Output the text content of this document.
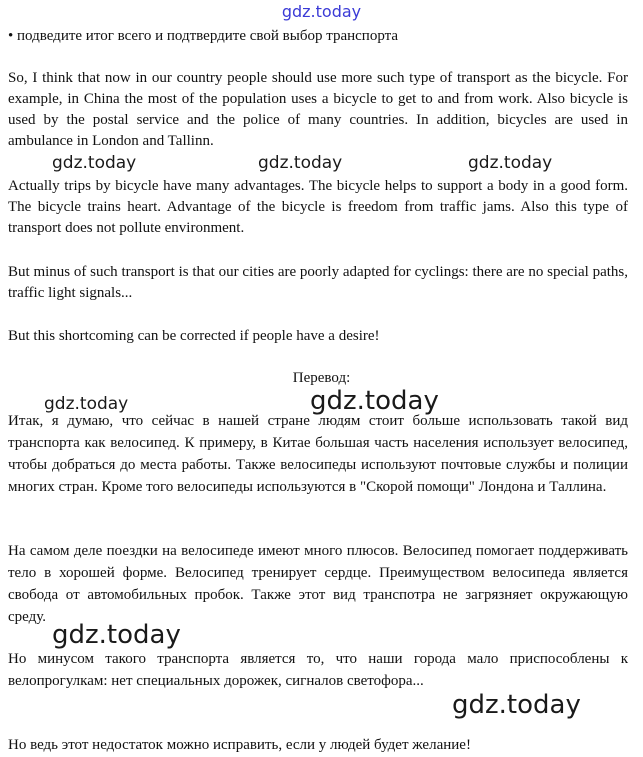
gdz.today
• подведите итог всего и подтвердите свой выбор транспорта
So, I think that now in our country people should use more such type of transport as the bicycle. For example, in China the most of the population uses a bicycle to get to and from work. Also bicycle is used by the postal service and the police of many countries. In addition, bicycles are used in ambulance in London and Tallinn.
Actually trips by bicycle have many advantages. The bicycle helps to support a body in a good form. The bicycle trains heart. Advantage of the bicycle is freedom from traffic jams. Also this type of transport does not pollute environment.
But minus of such transport is that our cities are poorly adapted for cyclings: there are no special paths, traffic light signals...
But this shortcoming can be corrected if people have a desire!
Перевод:
Итак, я думаю, что сейчас в нашей стране людям стоит больше использовать такой вид транспорта как велосипед. К примеру, в Китае большая часть населения использует велосипед, чтобы добраться до места работы. Также велосипеды используют почтовые службы и полиции многих стран. Кроме того велосипеды используются в "Скорой помощи" Лондона и Таллина.
На самом деле поездки на велосипеде имеют много плюсов. Велосипед помогает поддерживать тело в хорошей форме. Велосипед тренирует сердце. Преимуществом велосипеда является свобода от автомобильных пробок. Также этот вид транспотра не загрязняет окружающую среду.
Но минусом такого транспорта является то, что наши города мало приспособлены к велопрогулкам: нет специальных дорожек, сигналов светофора...
Но ведь этот недостаток можно исправить, если у людей будет желание!
gdz.today	gdz.today	gdz.today
gdz.today	gdz.today
gdz.today
gdz.today
